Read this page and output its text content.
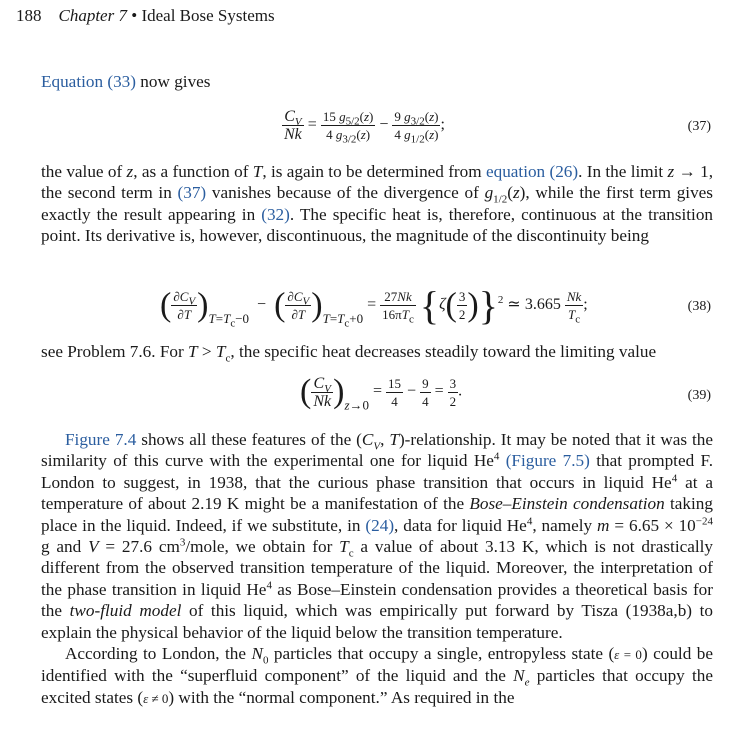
188 Chapter 7 • Ideal Bose Systems
Equation (33) now gives
$\frac{C_V}{Nk} = \frac{15 g_{5/2}(z)}{4 g_{3/2}(z)} - \frac{9 g_{3/2}(z)}{4 g_{1/2}(z)}$ ;	(37)

the value of z, as a function of T, is again to be determined from equation (26). In the limit z → 1, the second term in (37) vanishes because of the divergence of $g_{1/2}(z)$, while the first term gives exactly the result appearing in (32). The specific heat is, therefore, continuous at the transition point. Its derivative is, however, discontinuous, the magnitude of the discontinuity being

( $\frac{\partial C_V}{\partial T} )_{T=T_c-0}$  −  ( $\frac{\partial C_V}{\partial T} )_{T=T_c+0} = \frac{27Nk}{16\pi T_c} \{\zeta( \frac{3}{2} )\}^2$ ≃ $3.665 \frac{Nk}{T_c}$ ;	(38)

see Problem 7.6. For $T > T_c$, the specific heat decreases steadily toward the limiting value

( $\frac{C_V}{Nk} )_{z\to 0} = \frac{15}{4} - \frac{9}{4} = \frac{3}{2}$ .	(39)

Figure 7.4 shows all these features of the ($C_V$, T)-relationship. It may be noted that it was the similarity of this curve with the experimental one for liquid He$^4$ (Figure 7.5) that prompted F. London to suggest, in 1938, that the curious phase transition that occurs in liquid He$^4$ at a temperature of about 2.19 K might be a manifestation of the Bose–Einstein condensation taking place in the liquid. Indeed, if we substitute, in (24), data for liquid He$^4$, namely $m = 6.65 \times 10^{-24}$ g and V = 27.6 $cm^3$/mole, we obtain for $T_c$ a value of about 3.13 K, which is not drastically different from the observed transition temperature of the liquid. Moreover, the interpretation of the phase transition in liquid He$^4$ as Bose–Einstein condensation provides a theoretical basis for the two-fluid model of this liquid, which was empirically put forward by Tisza (1938a,b) to explain the physical behavior of the liquid below the transition temperature.

According to London, the $N_0$ particles that occupy a single, entropyless state (ε = 0) could be identified with the “superfluid component” of the liquid and the $N_e$ particles that occupy the excited states (ε ≠ 0) with the “normal component.” As required in the
